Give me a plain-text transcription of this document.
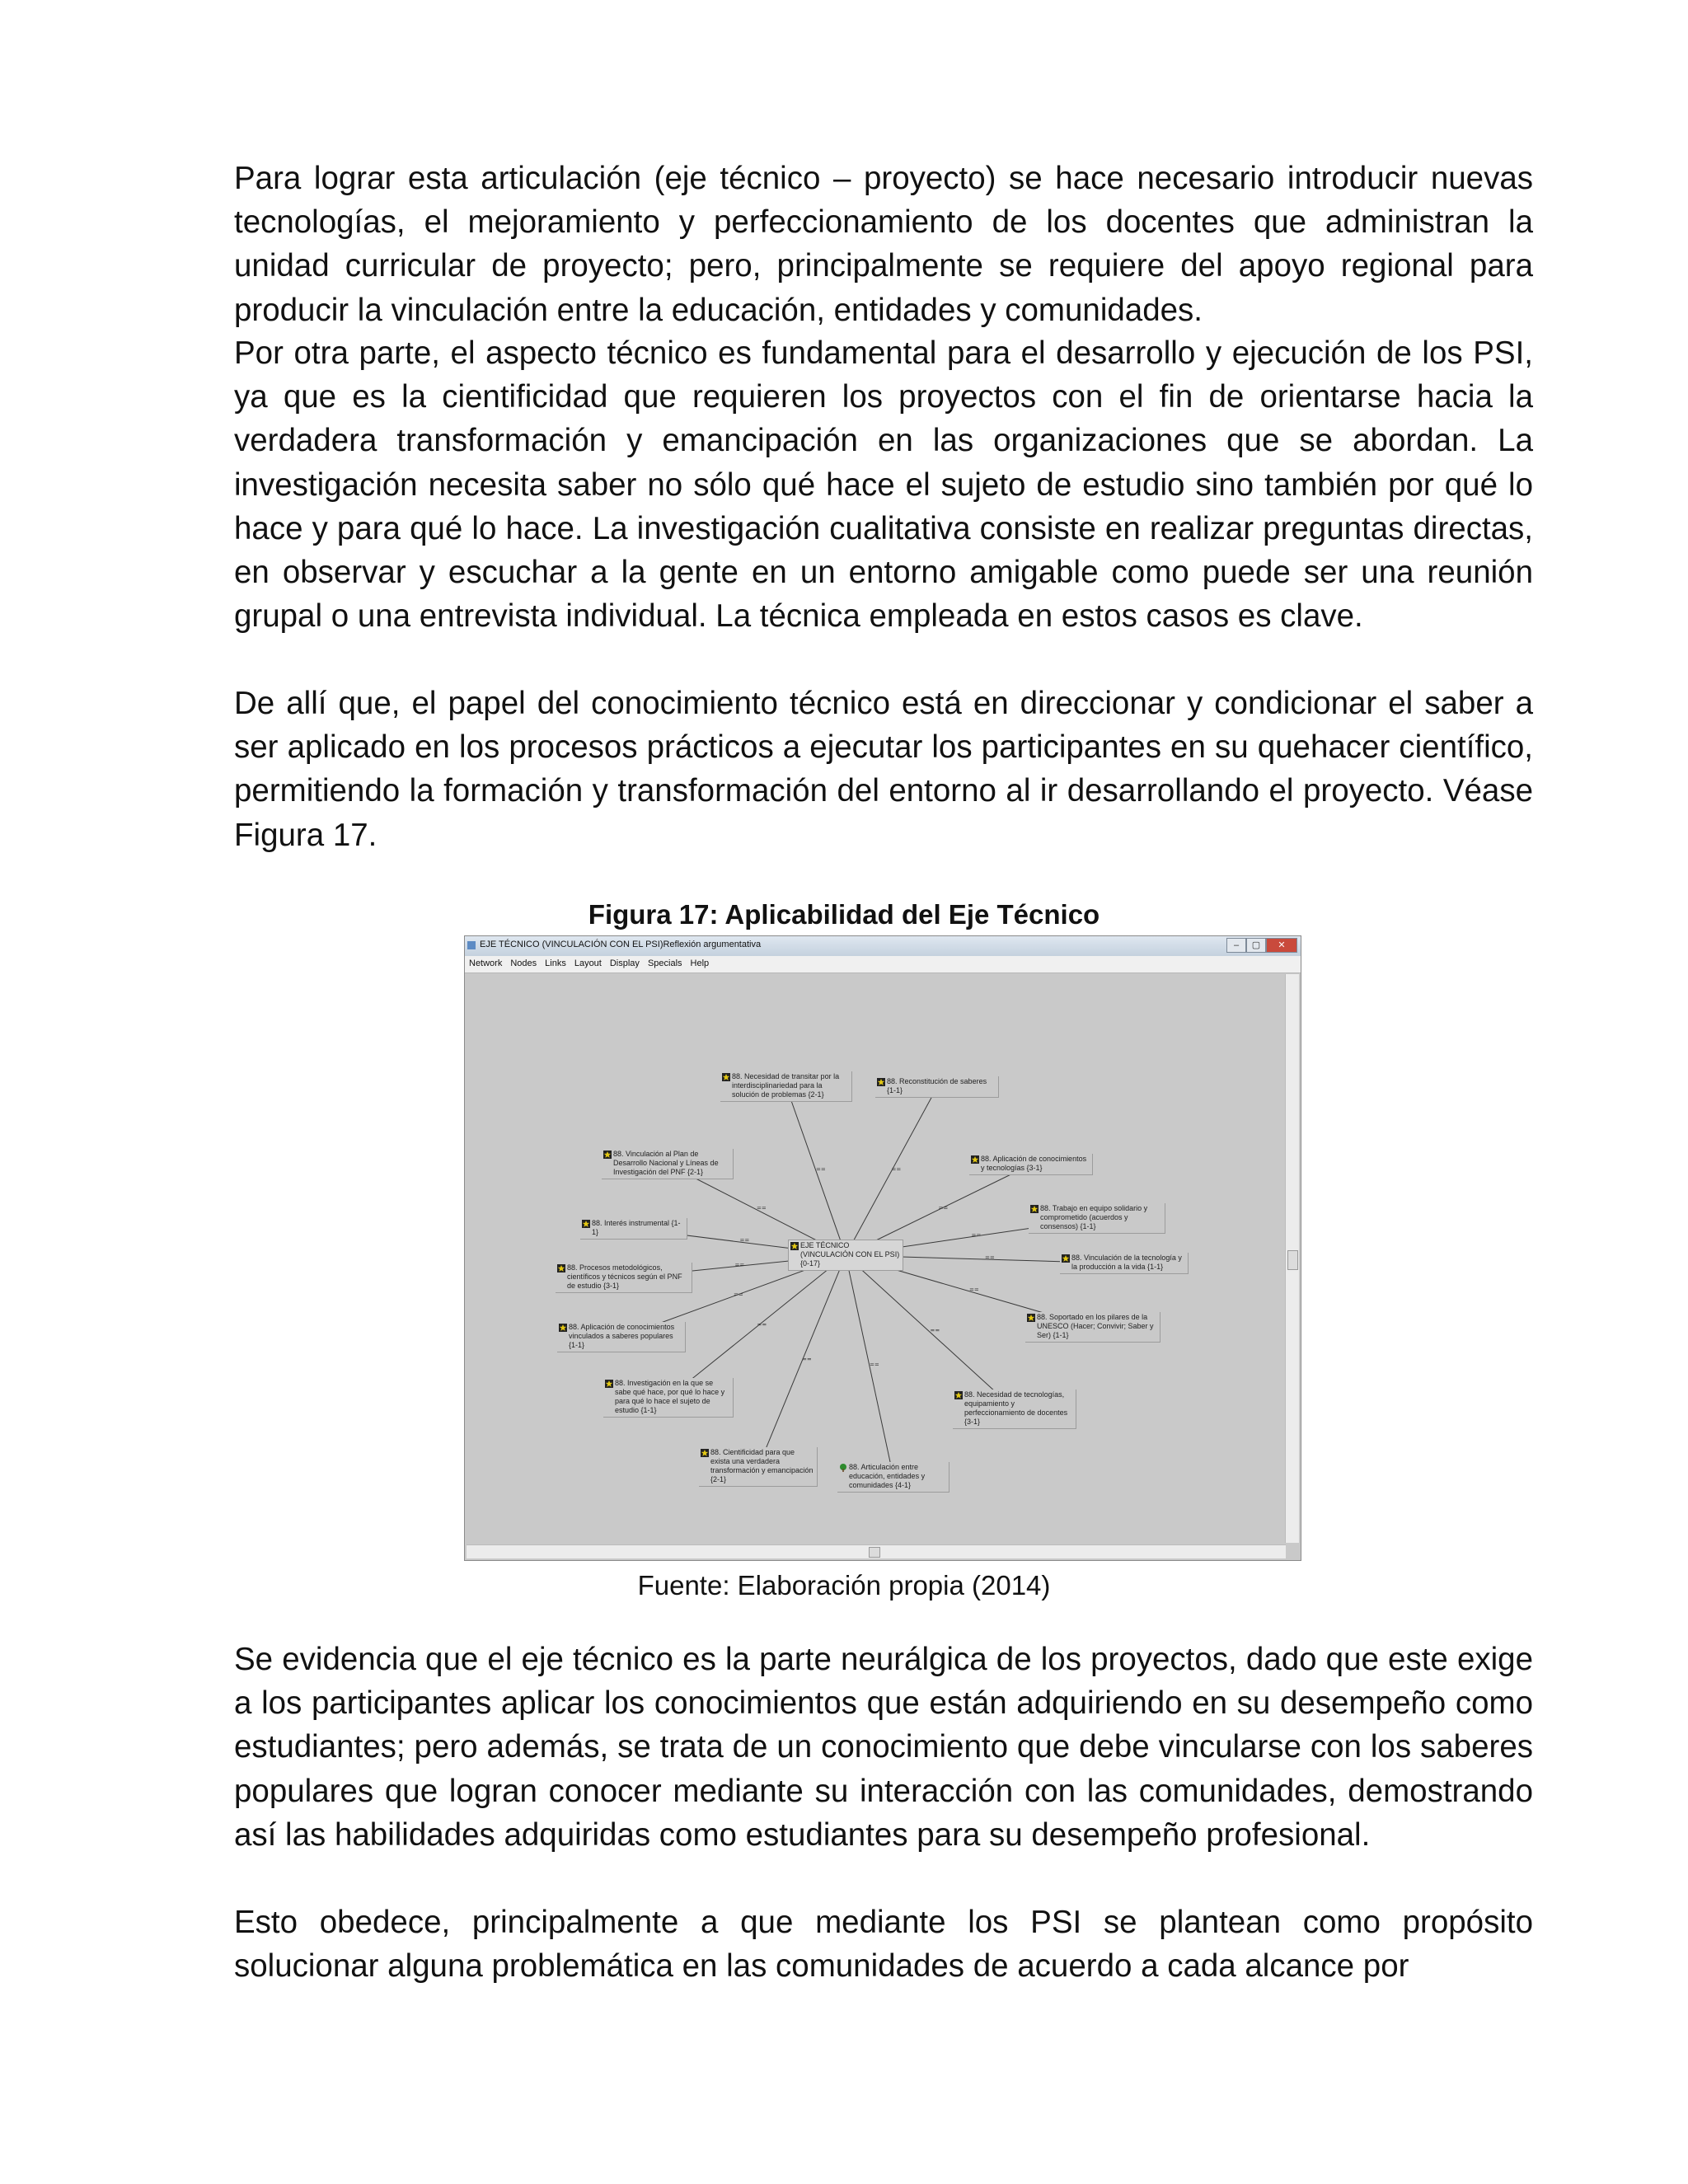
Para lograr esta articulación (eje técnico – proyecto) se hace necesario introducir nuevas tecnologías, el mejoramiento y perfeccionamiento de los docentes que administran la unidad curricular de proyecto; pero, principalmente se requiere del apoyo regional para producir la vinculación entre la educación, entidades y comunidades.

Por otra parte, el aspecto técnico es fundamental para el desarrollo y ejecución de los PSI, ya que es la cientificidad que requieren los proyectos con el fin de orientarse hacia la verdadera transformación y emancipación en las organizaciones que se abordan. La investigación necesita saber no sólo qué hace el sujeto de estudio sino también por qué lo hace y para qué lo hace. La investigación cualitativa consiste en realizar preguntas directas, en observar y escuchar a la gente en un entorno amigable como puede ser una reunión grupal o una entrevista individual. La técnica empleada en estos casos es clave.

De allí que, el papel del conocimiento técnico está en direccionar y condicionar el saber a ser aplicado en los procesos prácticos a ejecutar los participantes en su quehacer científico, permitiendo la formación y transformación del entorno al ir desarrollando el proyecto. Véase Figura 17.

Figura 17: Aplicabilidad del Eje Técnico
EJE TÉCNICO (VINCULACIÓN CON EL PSI)Reflexión argumentativa	–	▢	✕
Network Nodes Links Layout Display Specials Help
==	==
==	==
==
==
==
==
==
==
==
==
==
==
EJE TÉCNICO (VINCULACIÓN CON EL PSI) {0-17}
88. Necesidad de transitar por la interdisciplinariedad para la solución de problemas {2-1}
88. Reconstitución de saberes {1-1}
88. Vinculación al Plan de Desarrollo Nacional y Líneas de Investigación del PNF {2-1}
88. Aplicación de conocimientos y tecnologías {3-1}
88. Trabajo en equipo solidario y comprometido (acuerdos y consensos) {1-1}
88. Interés instrumental {1-1}
88. Vinculación de la tecnología y la producción a la vida {1-1}
88. Procesos metodológicos, científicos y técnicos según el PNF de estudio {3-1}
88. Aplicación de conocimientos vinculados a saberes populares {1-1}
88. Soportado en los pilares de la UNESCO (Hacer; Convivir; Saber y Ser) {1-1}
88. Investigación en la que se sabe qué hace, por qué lo hace y para qué lo hace el sujeto de estudio {1-1}
88. Necesidad de tecnologías, equipamiento y perfeccionamiento de docentes {3-1}
88. Cientificidad para que exista una verdadera transformación y emancipación {2-1}
88. Articulación entre educación, entidades y comunidades {4-1}
Fuente: Elaboración propia (2014)

Se evidencia que el eje técnico es la parte neurálgica de los proyectos, dado que este exige a los participantes aplicar los conocimientos que están adquiriendo en su desempeño como estudiantes; pero además, se trata de un conocimiento que debe vincularse con los saberes populares que logran conocer mediante su interacción con las comunidades, demostrando así las habilidades adquiridas como estudiantes para su desempeño profesional.

Esto obedece, principalmente a que mediante los PSI se plantean como propósito solucionar alguna problemática en las comunidades de acuerdo a cada alcance por
